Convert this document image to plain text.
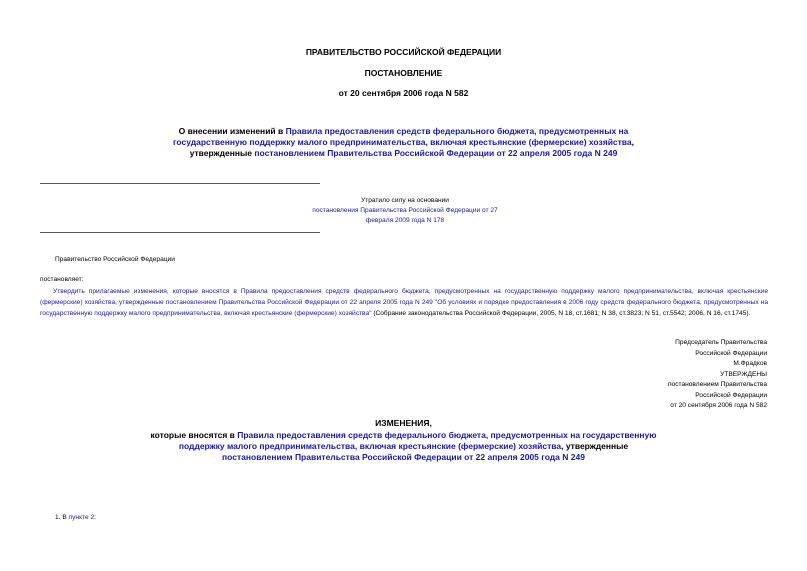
ПРАВИТЕЛЬСТВО РОССИЙСКОЙ ФЕДЕРАЦИИ
ПОСТАНОВЛЕНИЕ
от 20 сентября 2006 года N 582
О внесении изменений в Правила предоставления средств федерального бюджета, предусмотренных на государственную поддержку малого предпринимательства, включая крестьянские (фермерские) хозяйства, утвержденные постановлением Правительства Российской Федерации от 22 апреля 2005 года N 249
Утратило силу на основании
постановления Правительства Российской Федерации от 27 февраля 2009 года N 178
Правительство Российской Федерации
постановляет:
Утвердить прилагаемые изменения, которые вносятся в Правила предоставления средств федерального бюджета, предусмотренных на государственную поддержку малого предпринимательства, включая крестьянские (фермерские) хозяйства, утвержденные постановлением Правительства Российской Федерации от 22 апреля 2005 года N 249 "Об условиях и порядке предоставления в 2006 году средств федерального бюджета, предусмотренных на государственную поддержку малого предпринимательства, включая крестьянские (фермерские) хозяйства" (Собрание законодательства Российской Федерации, 2005, N 18, ст.1681; N 38, ст.3823; N 51, ст.5542; 2006, N 16, ст.1745).
Председатель Правительства
Российской Федерации
М.Фрадков
УТВЕРЖДЕНЫ
постановлением Правительства
Российской Федерации
от 20 сентября 2006 года N 582
ИЗМЕНЕНИЯ,
которые вносятся в Правила предоставления средств федерального бюджета, предусмотренных на государственную поддержку малого предпринимательства, включая крестьянские (фермерские) хозяйства, утвержденные постановлением Правительства Российской Федерации от 22 апреля 2005 года N 249
1. В пункте 2:
